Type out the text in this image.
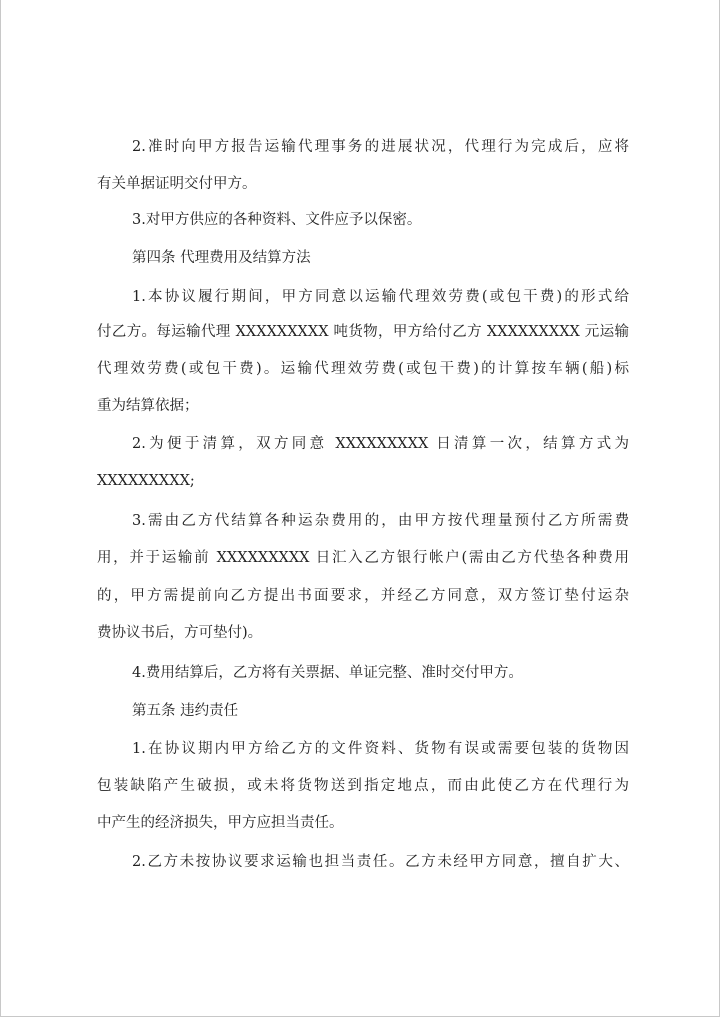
2.准时向甲方报告运输代理事务的进展状况，代理行为完成后，应将
有关单据证明交付甲方。
3.对甲方供应的各种资料、文件应予以保密。
第四条 代理费用及结算方法
1.本协议履行期间，甲方同意以运输代理效劳费(或包干费)的形式给
付乙方。每运输代理 XXXXXXXXX 吨货物，甲方给付乙方 XXXXXXXXX 元运输
代理效劳费(或包干费)。运输代理效劳费(或包干费)的计算按车辆(船)标
重为结算依据；
2.为便于清算，双方同意 XXXXXXXXX 日清算一次，结算方式为
XXXXXXXXX;
3.需由乙方代结算各种运杂费用的，由甲方按代理量预付乙方所需费
用，并于运输前 XXXXXXXXX 日汇入乙方银行帐户(需由乙方代垫各种费用
的，甲方需提前向乙方提出书面要求，并经乙方同意，双方签订垫付运杂
费协议书后，方可垫付)。
4.费用结算后，乙方将有关票据、单证完整、准时交付甲方。
第五条 违约责任
1.在协议期内甲方给乙方的文件资料、货物有误或需要包装的货物因
包装缺陷产生破损，或未将货物送到指定地点，而由此使乙方在代理行为
中产生的经济损失，甲方应担当责任。
2.乙方未按协议要求运输也担当责任。乙方未经甲方同意，擅自扩大、
